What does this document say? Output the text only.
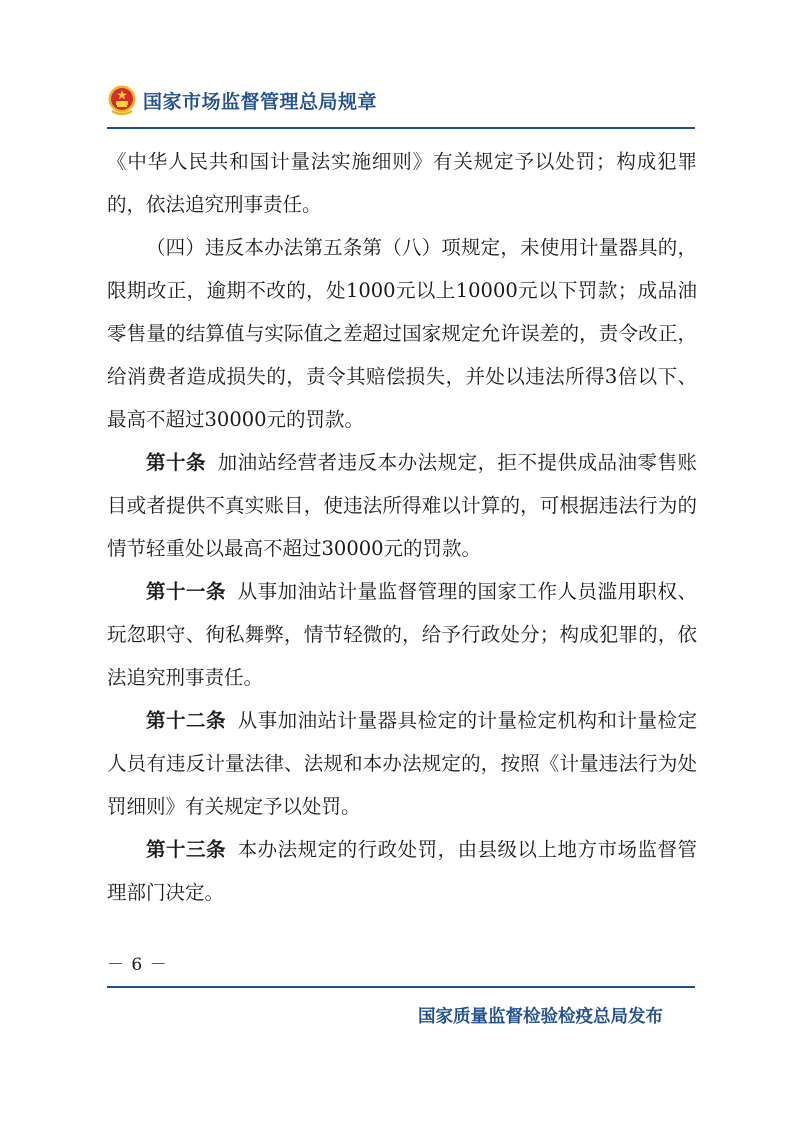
国家市场监督管理总局规章

《中华人民共和国计量法实施细则》有关规定予以处罚；构成犯罪的，依法追究刑事责任。

（四）违反本办法第五条第（八）项规定，未使用计量器具的，限期改正，逾期不改的，处1000元以上10000元以下罚款；成品油零售量的结算值与实际值之差超过国家规定允许误差的，责令改正，给消费者造成损失的，责令其赔偿损失，并处以违法所得3倍以下、最高不超过30000元的罚款。

第十条 加油站经营者违反本办法规定，拒不提供成品油零售账目或者提供不真实账目，使违法所得难以计算的，可根据违法行为的情节轻重处以最高不超过30000元的罚款。

第十一条 从事加油站计量监督管理的国家工作人员滥用职权、玩忽职守、徇私舞弊，情节轻微的，给予行政处分；构成犯罪的，依法追究刑事责任。

第十二条 从事加油站计量器具检定的计量检定机构和计量检定人员有违反计量法律、法规和本办法规定的，按照《计量违法行为处罚细则》有关规定予以处罚。

第十三条 本办法规定的行政处罚，由县级以上地方市场监督管理部门决定。

－ 6 －
国家质量监督检验检疫总局发布
